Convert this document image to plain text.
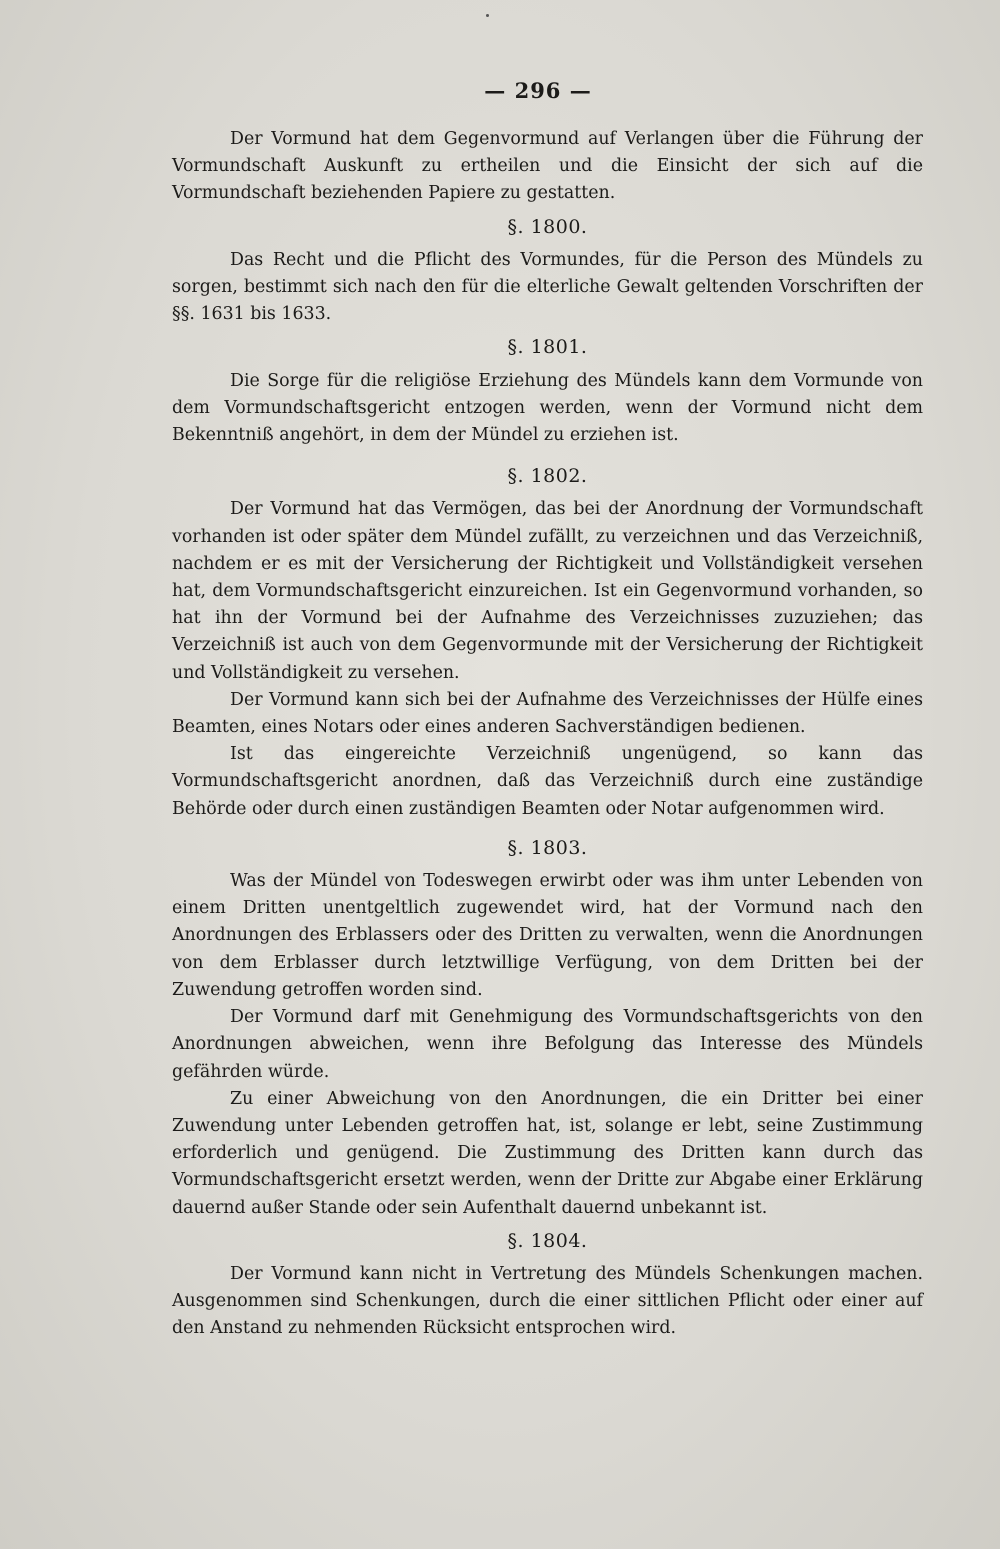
— 296 —

Der Vormund hat dem Gegenvormund auf Verlangen über die Führung der Vormundschaft Auskunft zu ertheilen und die Einsicht der sich auf die Vormundschaft beziehenden Papiere zu gestatten.

§. 1800.

Das Recht und die Pflicht des Vormundes, für die Person des Mündels zu sorgen, bestimmt sich nach den für die elterliche Gewalt geltenden Vorschriften der §§. 1631 bis 1633.

§. 1801.

Die Sorge für die religiöse Erziehung des Mündels kann dem Vormunde von dem Vormundschaftsgericht entzogen werden, wenn der Vormund nicht dem Bekenntniß angehört, in dem der Mündel zu erziehen ist.

§. 1802.

Der Vormund hat das Vermögen, das bei der Anordnung der Vormundschaft vorhanden ist oder später dem Mündel zufällt, zu verzeichnen und das Verzeichniß, nachdem er es mit der Versicherung der Richtigkeit und Vollständigkeit versehen hat, dem Vormundschaftsgericht einzureichen. Ist ein Gegenvormund vorhanden, so hat ihn der Vormund bei der Aufnahme des Verzeichnisses zuzuziehen; das Verzeichniß ist auch von dem Gegenvormunde mit der Versicherung der Richtigkeit und Vollständigkeit zu versehen.

Der Vormund kann sich bei der Aufnahme des Verzeichnisses der Hülfe eines Beamten, eines Notars oder eines anderen Sachverständigen bedienen.

Ist das eingereichte Verzeichniß ungenügend, so kann das Vormundschaftsgericht anordnen, daß das Verzeichniß durch eine zuständige Behörde oder durch einen zuständigen Beamten oder Notar aufgenommen wird.

§. 1803.

Was der Mündel von Todeswegen erwirbt oder was ihm unter Lebenden von einem Dritten unentgeltlich zugewendet wird, hat der Vormund nach den Anordnungen des Erblassers oder des Dritten zu verwalten, wenn die Anordnungen von dem Erblasser durch letztwillige Verfügung, von dem Dritten bei der Zuwendung getroffen worden sind.

Der Vormund darf mit Genehmigung des Vormundschaftsgerichts von den Anordnungen abweichen, wenn ihre Befolgung das Interesse des Mündels gefährden würde.

Zu einer Abweichung von den Anordnungen, die ein Dritter bei einer Zuwendung unter Lebenden getroffen hat, ist, solange er lebt, seine Zustimmung erforderlich und genügend. Die Zustimmung des Dritten kann durch das Vormundschaftsgericht ersetzt werden, wenn der Dritte zur Abgabe einer Erklärung dauernd außer Stande oder sein Aufenthalt dauernd unbekannt ist.

§. 1804.

Der Vormund kann nicht in Vertretung des Mündels Schenkungen machen. Ausgenommen sind Schenkungen, durch die einer sittlichen Pflicht oder einer auf den Anstand zu nehmenden Rücksicht entsprochen wird.
